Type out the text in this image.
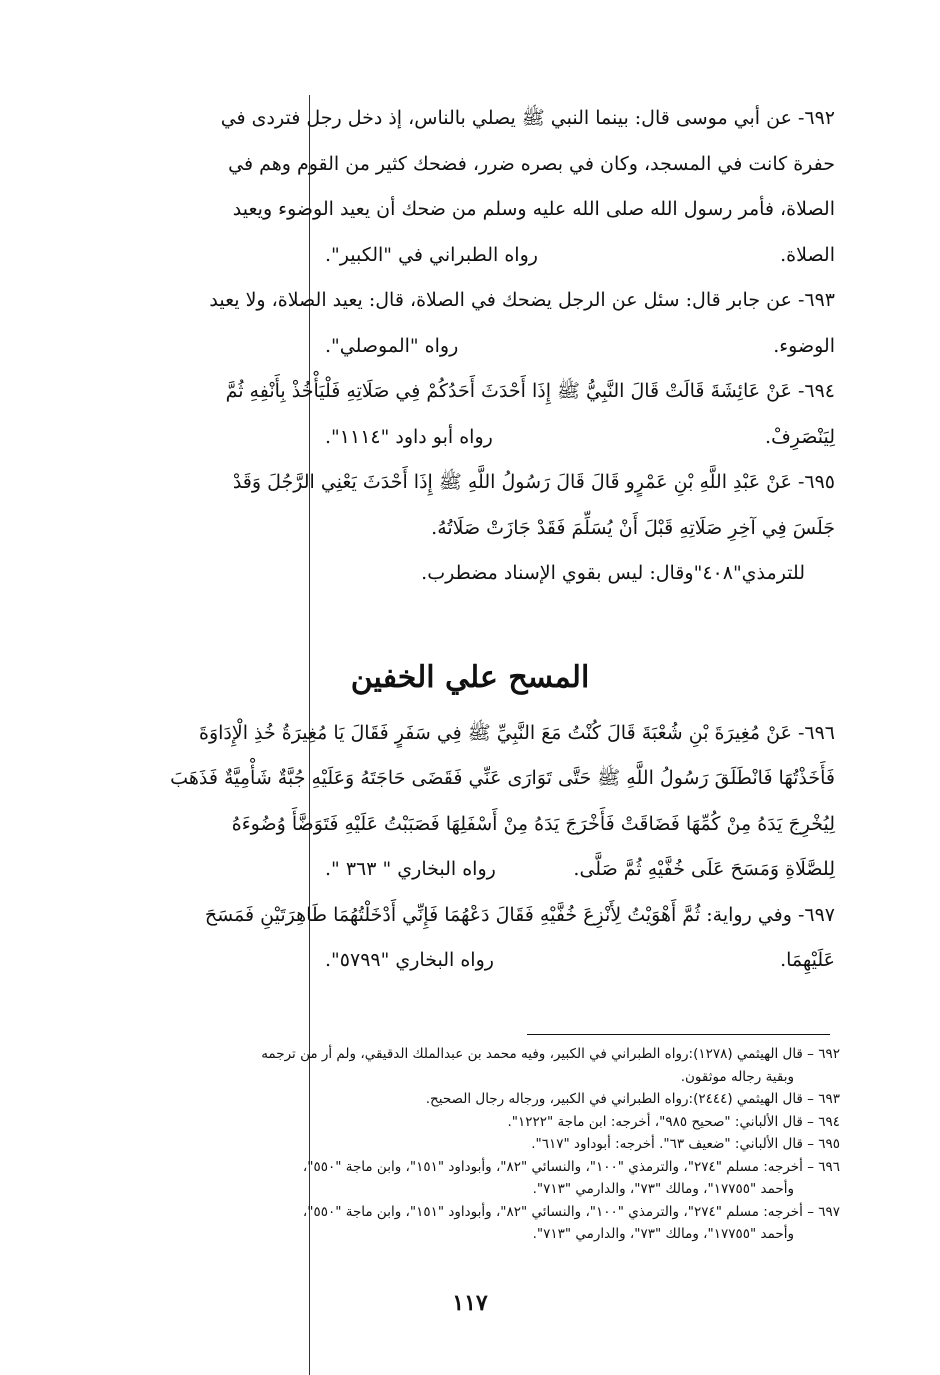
٦٩٢- عن أبي موسى قال: بينما النبي ﷺ يصلي بالناس، إذ دخل رجل فتردى في

حفرة كانت في المسجد، وكان في بصره ضرر، فضحك كثير من القوم وهم في

الصلاة، فأمر رسول الله صلى الله عليه وسلم من ضحك أن يعيد الوضوء ويعيد

الصلاة.
رواه الطبراني في "الكبير".

٦٩٣- عن جابر قال: سئل عن الرجل يضحك في الصلاة، قال: يعيد الصلاة، ولا يعيد

الوضوء.
رواه "الموصلي".

٦٩٤- عَنْ عَائِشَةَ قَالَتْ قَالَ النَّبِيُّ ﷺ إِذَا أَحْدَثَ أَحَدُكُمْ فِي صَلَاتِهِ فَلْيَأْخُذْ بِأَنْفِهِ ثُمَّ

لِيَنْصَرِفْ.
رواه أبو داود "١١١٤".

٦٩٥- عَنْ عَبْدِ اللَّهِ بْنِ عَمْرٍو قَالَ قَالَ رَسُولُ اللَّهِ ﷺ إِذَا أَحْدَثَ يَعْنِي الرَّجُلَ وَقَدْ

جَلَسَ فِي آخِرِ صَلَاتِهِ قَبْلَ أَنْ يُسَلِّمَ فَقَدْ جَازَتْ صَلَاتُهُ.

للترمذي"٤٠٨"وقال: ليس بقوي الإسناد مضطرب.

المسح علي الخفين

٦٩٦- عَنْ مُغِيرَةَ بْنِ شُعْبَةَ قَالَ كُنْتُ مَعَ النَّبِيِّ ﷺ فِي سَفَرٍ فَقَالَ يَا مُغِيرَةُ خُذِ الْإِدَاوَةَ

فَأَخَذْتُهَا فَانْطَلَقَ رَسُولُ اللَّهِ ﷺ حَتَّى تَوَارَى عَنِّي فَقَضَى حَاجَتَهُ وَعَلَيْهِ جُبَّةٌ شَأْمِيَّةٌ فَذَهَبَ

لِيُخْرِجَ يَدَهُ مِنْ كُمِّهَا فَضَاقَتْ فَأَخْرَجَ يَدَهُ مِنْ أَسْفَلِهَا فَصَبَبْتُ عَلَيْهِ فَتَوَضَّأَ وُضُوءَهُ

لِلصَّلَاةِ وَمَسَحَ عَلَى خُفَّيْهِ ثُمَّ صَلَّى.
رواه البخاري " ٣٦٣ ".

٦٩٧- وفي رواية: ثُمَّ أَهْوَيْتُ لِأَنْزِعَ خُفَّيْهِ فَقَالَ دَعْهُمَا فَإِنِّي أَدْخَلْتُهُمَا طَاهِرَتَيْنِ فَمَسَحَ

عَلَيْهِمَا.
رواه البخاري "٥٧٩٩".

٦٩٢ – قال الهيثمي (١٢٧٨):رواه الطبراني في الكبير، وفيه محمد بن عبدالملك الدقيقي، ولم أر من ترجمه
وبقية رجاله موثقون.
٦٩٣ – قال الهيثمي (٢٤٤٤):رواه الطبراني في الكبير، ورجاله رجال الصحيح.
٦٩٤ – قال الألباني: "صحيح ٩٨٥"، أخرجه: ابن ماجة "١٢٢٢".
٦٩٥ – قال الألباني: "ضعيف ٦٣". أخرجه: أبوداود "٦١٧".
٦٩٦ – أخرجه: مسلم "٢٧٤"، والترمذي "١٠٠"، والنسائي "٨٢"، وأبوداود "١٥١"، وابن ماجة "٥٥٠"،
وأحمد "١٧٧٥٥"، ومالك "٧٣"، والدارمي "٧١٣".
٦٩٧ – أخرجه: مسلم "٢٧٤"، والترمذي "١٠٠"، والنسائي "٨٢"، وأبوداود "١٥١"، وابن ماجة "٥٥٠"،
وأحمد "١٧٧٥٥"، ومالك "٧٣"، والدارمي "٧١٣".
١١٧
